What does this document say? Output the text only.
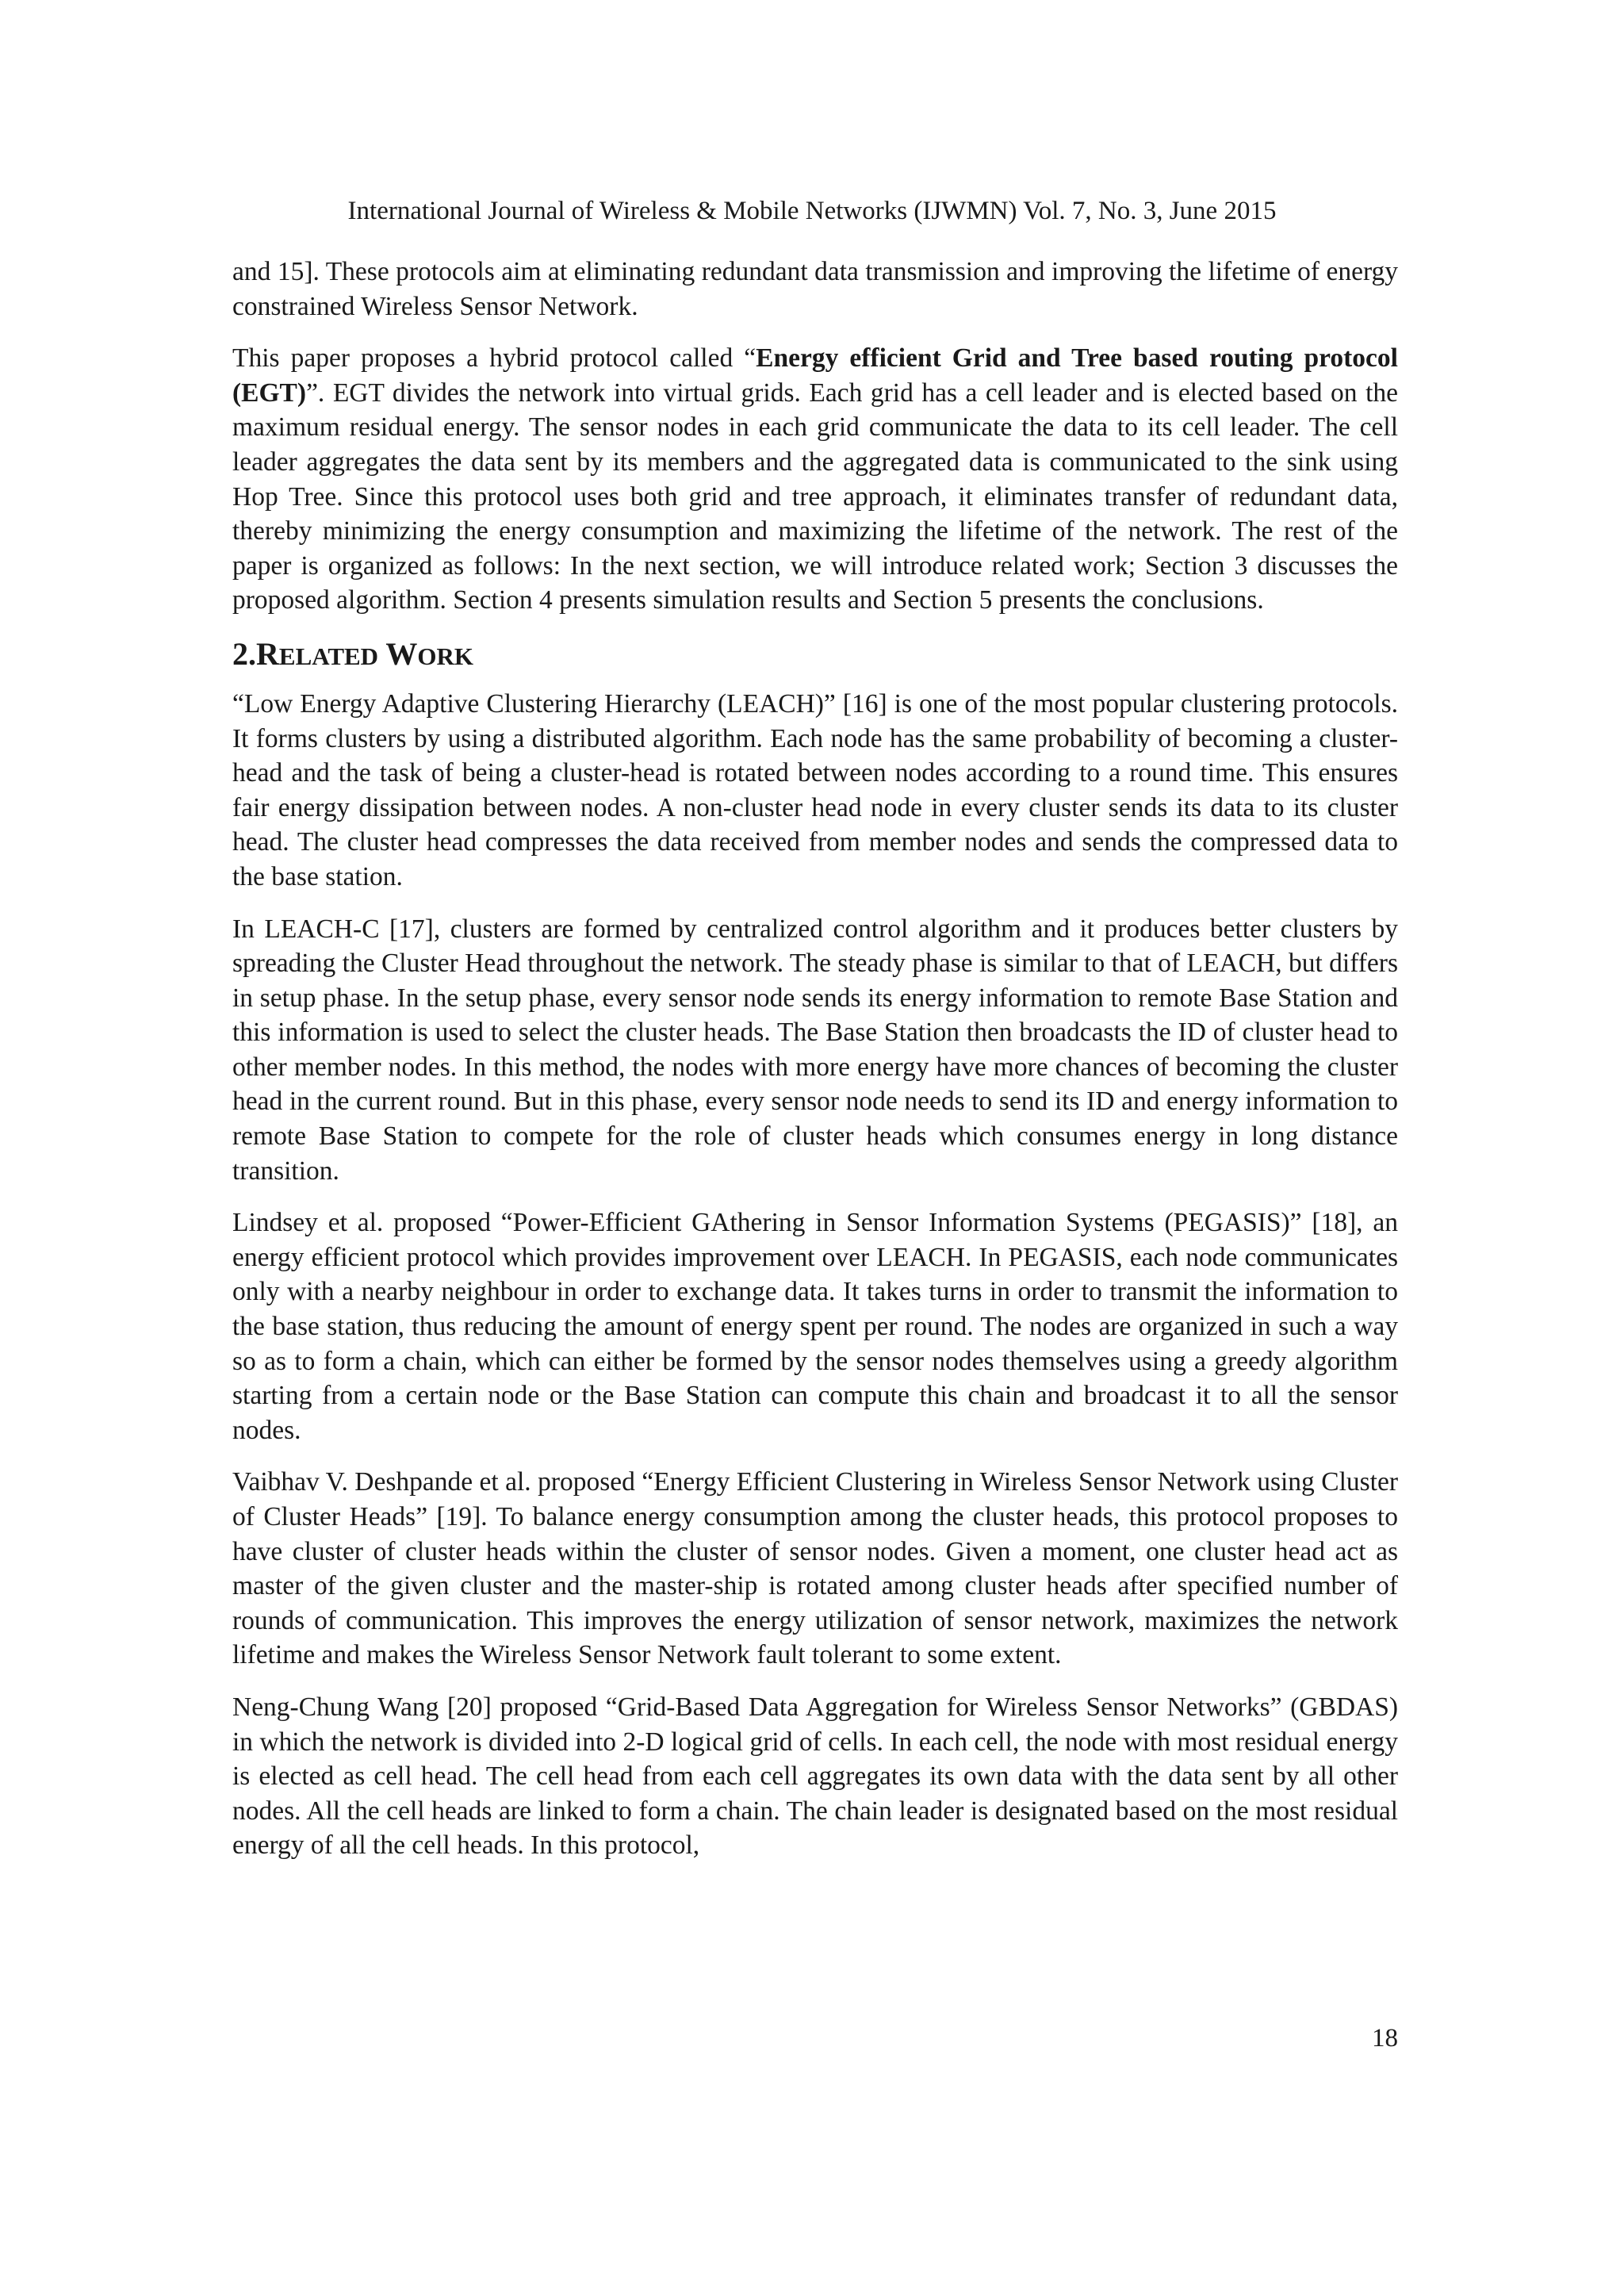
International Journal of Wireless & Mobile Networks (IJWMN) Vol. 7, No. 3, June 2015

and 15]. These protocols aim at eliminating redundant data transmission and improving the lifetime of energy constrained Wireless Sensor Network.

This paper proposes a hybrid protocol called “Energy efficient Grid and Tree based routing protocol (EGT)”. EGT divides the network into virtual grids. Each grid has a cell leader and is elected based on the maximum residual energy. The sensor nodes in each grid communicate the data to its cell leader. The cell leader aggregates the data sent by its members and the aggregated data is communicated to the sink using Hop Tree. Since this protocol uses both grid and tree approach, it eliminates transfer of redundant data, thereby minimizing the energy consumption and maximizing the lifetime of the network. The rest of the paper is organized as follows: In the next section, we will introduce related work; Section 3 discusses the proposed algorithm. Section 4 presents simulation results and Section 5 presents the conclusions.

2.RELATED WORK

“Low Energy Adaptive Clustering Hierarchy (LEACH)” [16] is one of the most popular clustering protocols. It forms clusters by using a distributed algorithm. Each node has the same probability of becoming a cluster-head and the task of being a cluster-head is rotated between nodes according to a round time. This ensures fair energy dissipation between nodes. A non-cluster head node in every cluster sends its data to its cluster head. The cluster head compresses the data received from member nodes and sends the compressed data to the base station.

In LEACH-C [17], clusters are formed by centralized control algorithm and it produces better clusters by spreading the Cluster Head throughout the network. The steady phase is similar to that of LEACH, but differs in setup phase. In the setup phase, every sensor node sends its energy information to remote Base Station and this information is used to select the cluster heads. The Base Station then broadcasts the ID of cluster head to other member nodes. In this method, the nodes with more energy have more chances of becoming the cluster head in the current round. But in this phase, every sensor node needs to send its ID and energy information to remote Base Station to compete for the role of cluster heads which consumes energy in long distance transition.

Lindsey et al. proposed “Power-Efficient GAthering in Sensor Information Systems (PEGASIS)” [18], an energy efficient protocol which provides improvement over LEACH. In PEGASIS, each node communicates only with a nearby neighbour in order to exchange data. It takes turns in order to transmit the information to the base station, thus reducing the amount of energy spent per round. The nodes are organized in such a way so as to form a chain, which can either be formed by the sensor nodes themselves using a greedy algorithm starting from a certain node or the Base Station can compute this chain and broadcast it to all the sensor nodes.

Vaibhav V. Deshpande et al. proposed “Energy Efficient Clustering in Wireless Sensor Network using Cluster of Cluster Heads” [19]. To balance energy consumption among the cluster heads, this protocol proposes to have cluster of cluster heads within the cluster of sensor nodes. Given a moment, one cluster head act as master of the given cluster and the master-ship is rotated among cluster heads after specified number of rounds of communication. This improves the energy utilization of sensor network, maximizes the network lifetime and makes the Wireless Sensor Network fault tolerant to some extent.

Neng-Chung Wang [20] proposed “Grid-Based Data Aggregation for Wireless Sensor Networks” (GBDAS) in which the network is divided into 2-D logical grid of cells. In each cell, the node with most residual energy is elected as cell head. The cell head from each cell aggregates its own data with the data sent by all other nodes. All the cell heads are linked to form a chain. The chain leader is designated based on the most residual energy of all the cell heads. In this protocol,

18
